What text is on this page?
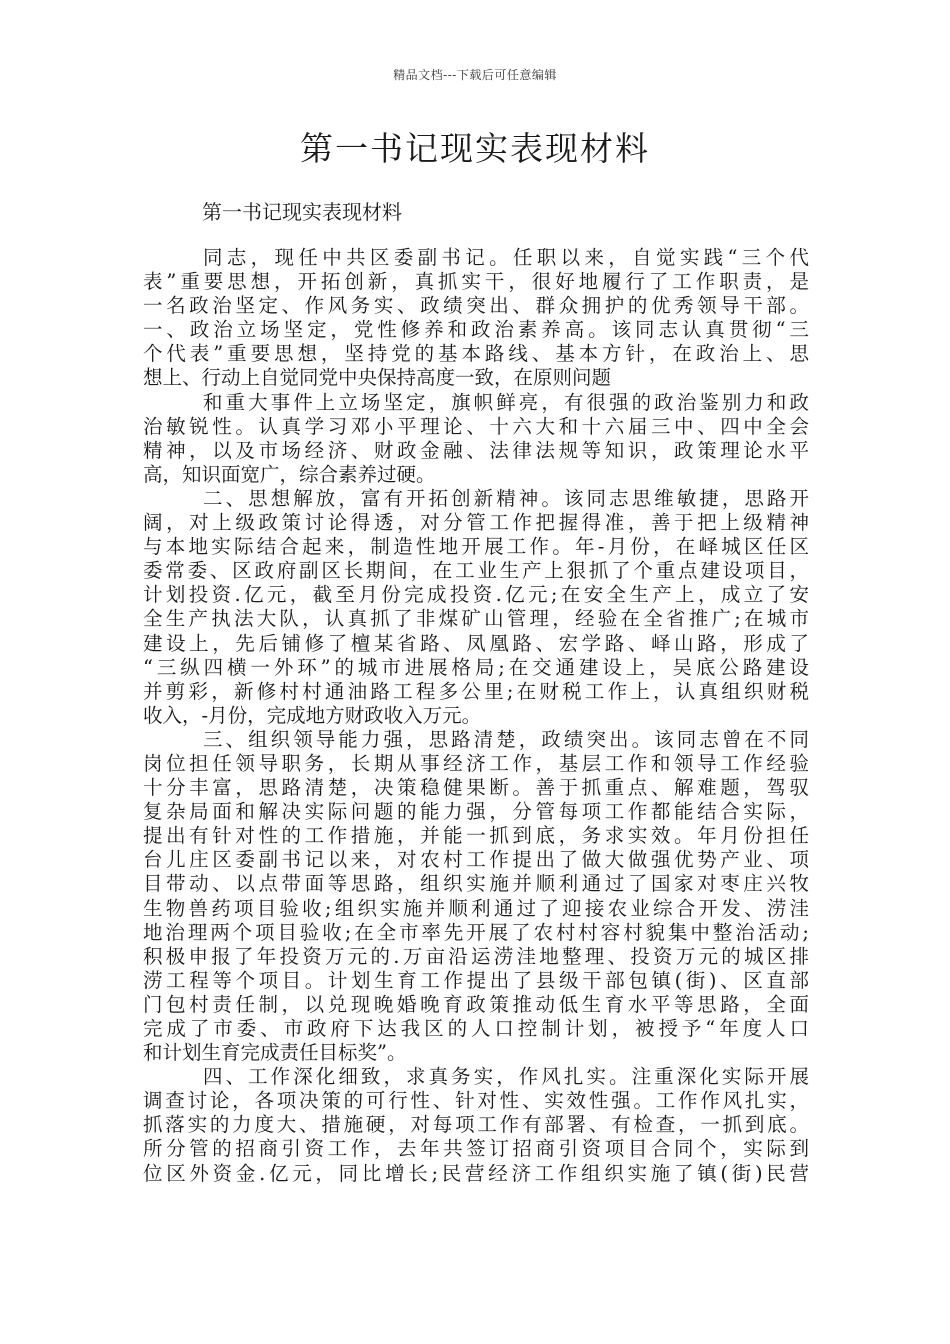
精品文档---下载后可任意编辑
第一书记现实表现材料

第一书记现实表现材料

同志，现任中共区委副书记。任职以来，自觉实践“三个代
表”重要思想，开拓创新，真抓实干，很好地履行了工作职责，是
一名政治坚定、作风务实、政绩突出、群众拥护的优秀领导干部。
一、政治立场坚定，党性修养和政治素养高。该同志认真贯彻“三
个代表”重要思想，坚持党的基本路线、基本方针，在政治上、思
想上、行动上自觉同党中央保持高度一致，在原则问题
和重大事件上立场坚定，旗帜鲜亮，有很强的政治鉴别力和政
治敏锐性。认真学习邓小平理论、十六大和十六届三中、四中全会
精神，以及市场经济、财政金融、法律法规等知识，政策理论水平
高，知识面宽广，综合素养过硬。
二、思想解放，富有开拓创新精神。该同志思维敏捷，思路开
阔，对上级政策讨论得透，对分管工作把握得准，善于把上级精神
与本地实际结合起来，制造性地开展工作。年-月份，在峄城区任区
委常委、区政府副区长期间，在工业生产上狠抓了个重点建设项目，
计划投资.亿元，截至月份完成投资.亿元;在安全生产上，成立了安
全生产执法大队，认真抓了非煤矿山管理，经验在全省推广;在城市
建设上，先后铺修了檀某省路、凤凰路、宏学路、峄山路，形成了
“三纵四横一外环”的城市进展格局;在交通建设上，吴底公路建设
并剪彩，新修村村通油路工程多公里;在财税工作上，认真组织财税
收入，-月份，完成地方财政收入万元。
三、组织领导能力强，思路清楚，政绩突出。该同志曾在不同
岗位担任领导职务，长期从事经济工作，基层工作和领导工作经验
十分丰富，思路清楚，决策稳健果断。善于抓重点、解难题，驾驭
复杂局面和解决实际问题的能力强，分管每项工作都能结合实际，
提出有针对性的工作措施，并能一抓到底，务求实效。年月份担任
台儿庄区委副书记以来，对农村工作提出了做大做强优势产业、项
目带动、以点带面等思路，组织实施并顺利通过了国家对枣庄兴牧
生物兽药项目验收;组织实施并顺利通过了迎接农业综合开发、涝洼
地治理两个项目验收;在全市率先开展了农村村容村貌集中整治活动;
积极申报了年投资万元的.万亩沿运涝洼地整理、投资万元的城区排
涝工程等个项目。计划生育工作提出了县级干部包镇(街)、区直部
门包村责任制，以兑现晚婚晚育政策推动低生育水平等思路，全面
完成了市委、市政府下达我区的人口控制计划，被授予“年度人口
和计划生育完成责任目标奖”。
四、工作深化细致，求真务实，作风扎实。注重深化实际开展
调查讨论，各项决策的可行性、针对性、实效性强。工作作风扎实，
抓落实的力度大、措施硬，对每项工作有部署、有检查，一抓到底。
所分管的招商引资工作，去年共签订招商引资项目合同个，实际到
位区外资金.亿元，同比增长;民营经济工作组织实施了镇(街)民营
